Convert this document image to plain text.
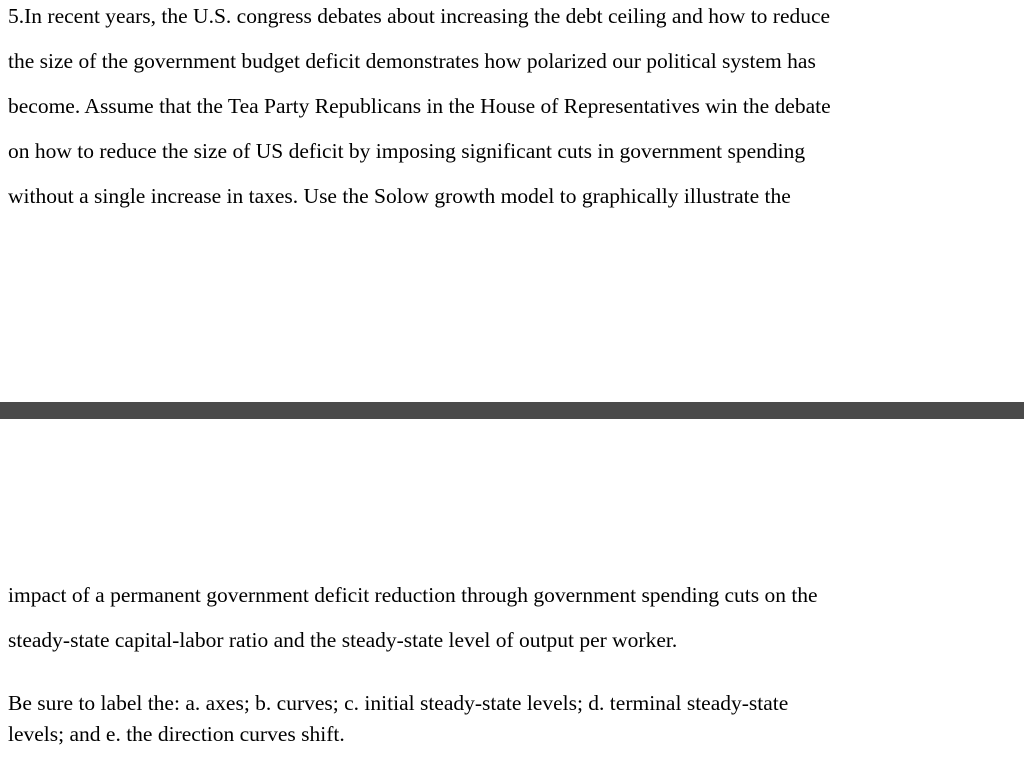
5.In recent years, the U.S. congress debates about increasing the debt ceiling and how to reduce
the size of the government budget deficit demonstrates how polarized our political system has
become. Assume that the Tea Party Republicans in the House of Representatives win the debate
on how to reduce the size of US deficit by imposing significant cuts in government spending
without a single increase in taxes. Use the Solow growth model to graphically illustrate the
impact of a permanent government deficit reduction through government spending cuts on the
steady-state capital-labor ratio and the steady-state level of output per worker.
Be sure to label the: a. axes; b. curves; c. initial steady-state levels; d. terminal steady-state
levels; and e. the direction curves shift.
